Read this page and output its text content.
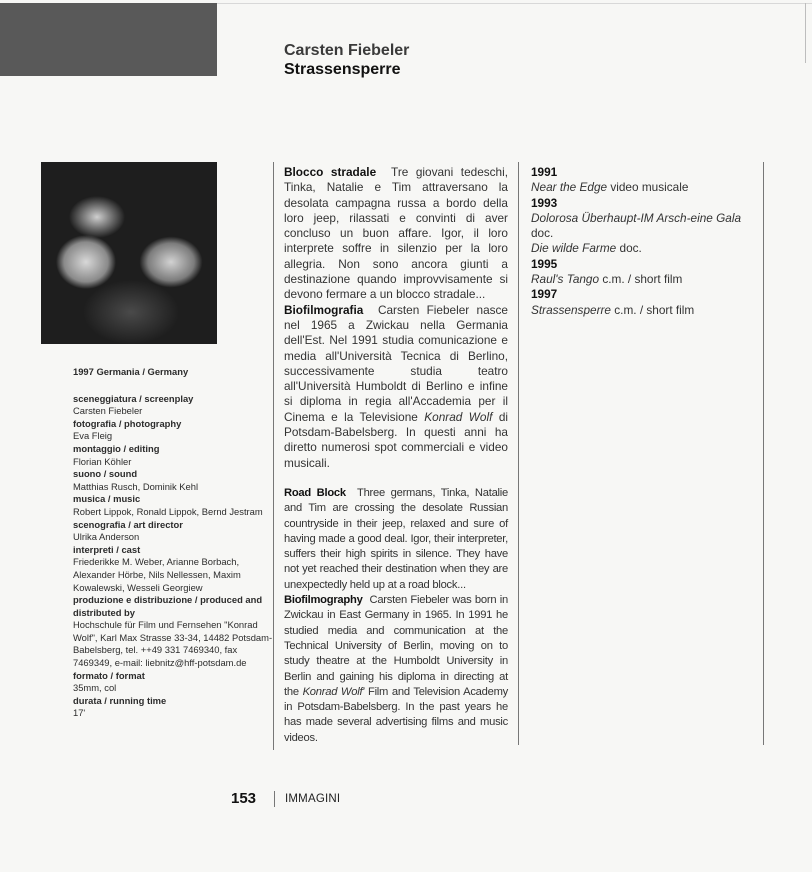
Carsten Fiebeler
Strassensperre
1997 Germania / Germany
sceneggiatura / screenplay
Carsten Fiebeler
fotografia / photography
Eva Fleig
montaggio / editing
Florian Köhler
suono / sound
Matthias Rusch, Dominik Kehl
musica / music
Robert Lippok, Ronald Lippok, Bernd Jestram
scenografia / art director
Ulrika Anderson
interpreti / cast
Friederikke M. Weber, Arianne Borbach, Alexander Hörbe, Nils Nellessen, Maxim Kowalewski, Wesseli Georgiew
produzione e distribuzione / produced and distributed by
Hochschule für Film und Fernsehen "Konrad Wolf", Karl Max Strasse 33-34, 14482 Potsdam-Babelsberg, tel. ++49 331 7469340, fax 7469349, e-mail: liebnitz@hff-potsdam.de
formato / format
35mm, col
durata / running time
17'

Blocco stradale Tre giovani tedeschi, Tinka, Natalie e Tim attraversano la desolata campagna russa a bordo della loro jeep, rilassati e convinti di aver concluso un buon affare. Igor, il loro interprete soffre in silenzio per la loro allegria. Non sono ancora giunti a destinazione quando improvvisamente si devono fermare a un blocco stradale...

Biofilmografia Carsten Fiebeler nasce nel 1965 a Zwickau nella Germania dell'Est. Nel 1991 studia comunicazione e media all'Università Tecnica di Berlino, successivamente studia teatro all'Università Humboldt di Berlino e infine si diploma in regia all'Accademia per il Cinema e la Televisione Konrad Wolf di Potsdam-Babelsberg. In questi anni ha diretto numerosi spot commerciali e video musicali.

Road Block Three germans, Tinka, Natalie and Tim are crossing the desolate Russian countryside in their jeep, relaxed and sure of having made a good deal. Igor, their interpreter, suffers their high spirits in silence. They have not yet reached their destination when they are unexpectedly held up at a road block...

Biofilmography Carsten Fiebeler was born in Zwickau in East Germany in 1965. In 1991 he studied media and communication at the Technical University of Berlin, moving on to study theatre at the Humboldt University in Berlin and gaining his diploma in directing at the Konrad Wolf' Film and Television Academy in Potsdam-Babelsberg. In the past years he has made several advertising films and music videos.

1991
Near the Edge video musicale
1993
Dolorosa Überhaupt-IM Arsch-eine Gala doc.
Die wilde Farme doc.
1995
Raul's Tango c.m. / short film
1997
Strassensperre c.m. / short film
153	IMMAGINI
